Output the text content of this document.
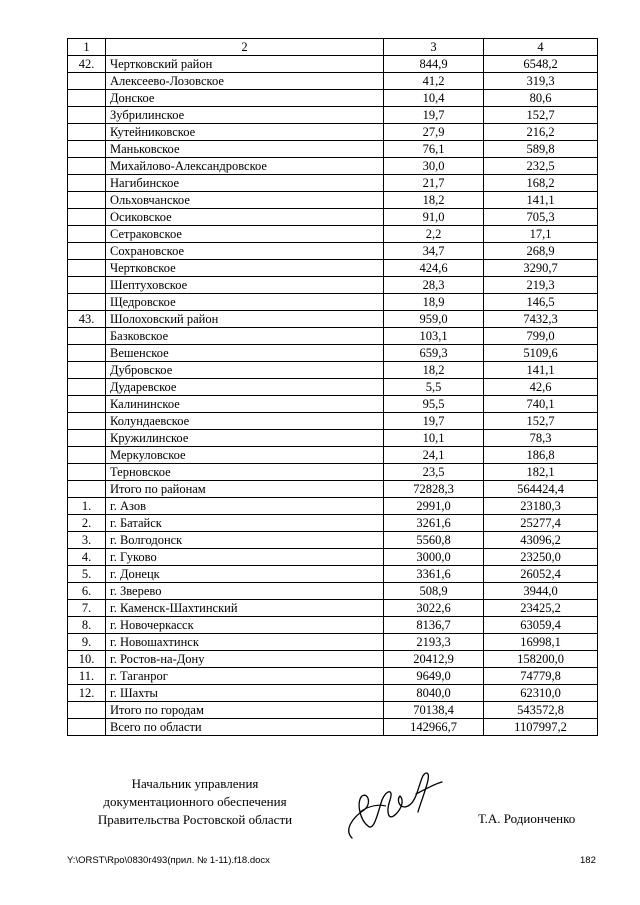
1	2	3	4
42.	Чертковский район	844,9	6548,2
	Алексеево-Лозовское	41,2	319,3
	Донское	10,4	80,6
	Зубрилинское	19,7	152,7
	Кутейниковское	27,9	216,2
	Маньковское	76,1	589,8
	Михайлово-Александровское	30,0	232,5
	Нагибинское	21,7	168,2
	Ольховчанское	18,2	141,1
	Осиковское	91,0	705,3
	Сетраковское	2,2	17,1
	Сохрановское	34,7	268,9
	Чертковское	424,6	3290,7
	Шептуховское	28,3	219,3
	Щедровское	18,9	146,5
43.	Шолоховский район	959,0	7432,3
	Базковское	103,1	799,0
	Вешенское	659,3	5109,6
	Дубровское	18,2	141,1
	Дударевское	5,5	42,6
	Калининское	95,5	740,1
	Колундаевское	19,7	152,7
	Кружилинское	10,1	78,3
	Меркуловское	24,1	186,8
	Терновское	23,5	182,1
	Итого по районам	72828,3	564424,4
1.	г. Азов	2991,0	23180,3
2.	г. Батайск	3261,6	25277,4
3.	г. Волгодонск	5560,8	43096,2
4.	г. Гуково	3000,0	23250,0
5.	г. Донецк	3361,6	26052,4
6.	г. Зверево	508,9	3944,0
7.	г. Каменск-Шахтинский	3022,6	23425,2
8.	г. Новочеркасск	8136,7	63059,4
9.	г. Новошахтинск	2193,3	16998,1
10.	г. Ростов-на-Дону	20412,9	158200,0
11.	г. Таганрог	9649,0	74779,8
12.	г. Шахты	8040,0	62310,0
	Итого по городам	70138,4	543572,8
	Всего по области	142966,7	1107997,2
Начальник управления
документационного обеспечения
Правительства Ростовской области	Т.А. Родионченко
Y:\ORST\Rpo\0830r493(прил. № 1-11).f18.docx	182
